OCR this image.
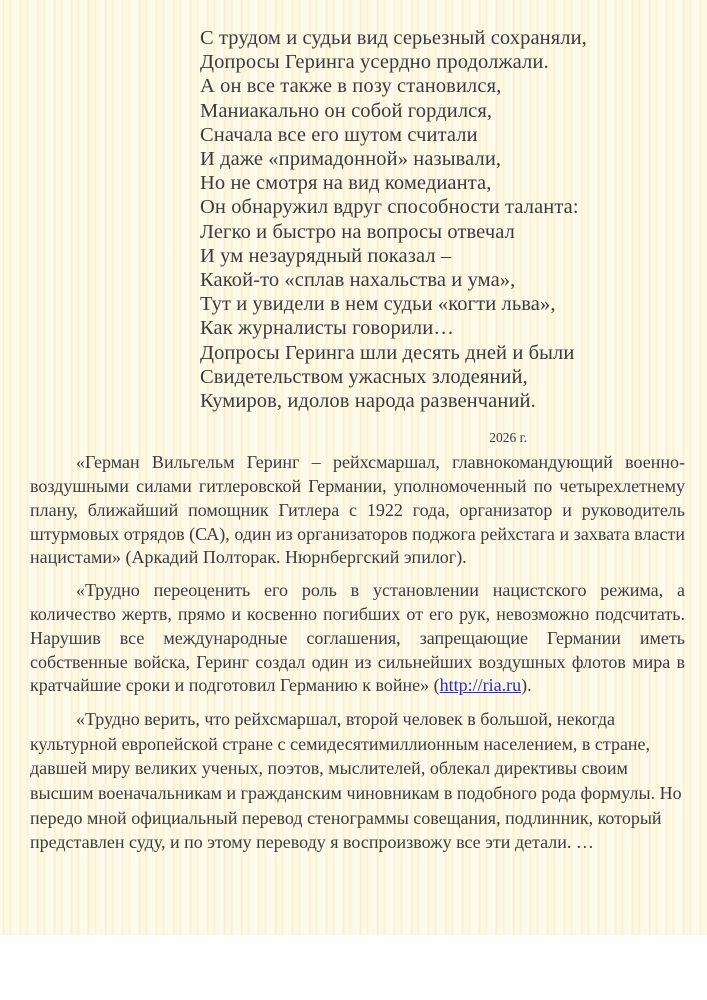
С трудом и судьи вид серьезный сохраняли,
Допросы Геринга усердно продолжали.
А он все также в позу становился,
Маниакально он собой гордился,
Сначала все его шутом считали
И даже «примадонной» называли,
Но не смотря на вид комедианта,
Он обнаружил вдруг способности таланта:
Легко и быстро на вопросы отвечал
И ум незаурядный показал –
Какой-то «сплав нахальства и ума»,
Тут и увидели в нем судьи «когти льва»,
Как журналисты говорили…
Допросы Геринга шли десять дней и были
Свидетельством ужасных злодеяний,
Кумиров, идолов народа развенчаний.
2026 г.

«Герман Вильгельм Геринг – рейхсмаршал, главнокомандующий военно-воздушными силами гитлеровской Германии, уполномоченный по четырехлетнему плану, ближайший помощник Гитлера с 1922 года, организатор и руководитель штурмовых отрядов (СА), один из организаторов поджога рейхстага и захвата власти нацистами» (Аркадий Полторак. Нюрнбергский эпилог).

«Трудно переоценить его роль в установлении нацистского режима, а количество жертв, прямо и косвенно погибших от его рук, невозможно подсчитать. Нарушив все международные соглашения, запрещающие Германии иметь собственные войска, Геринг создал один из сильнейших воздушных флотов мира в кратчайшие сроки и подготовил Германию к войне» (http://ria.ru).

«Трудно верить, что рейхсмаршал, второй человек в большой, некогда культурной европейской стране с семидесятимиллионным населением, в стране, давшей миру великих ученых, поэтов, мыслителей, облекал директивы своим высшим военачальникам и гражданским чиновникам в подобного рода формулы. Но передо мной официальный перевод стенограммы совещания, подлинник, который представлен суду, и по этому переводу я воспроизвожу все эти детали. …
